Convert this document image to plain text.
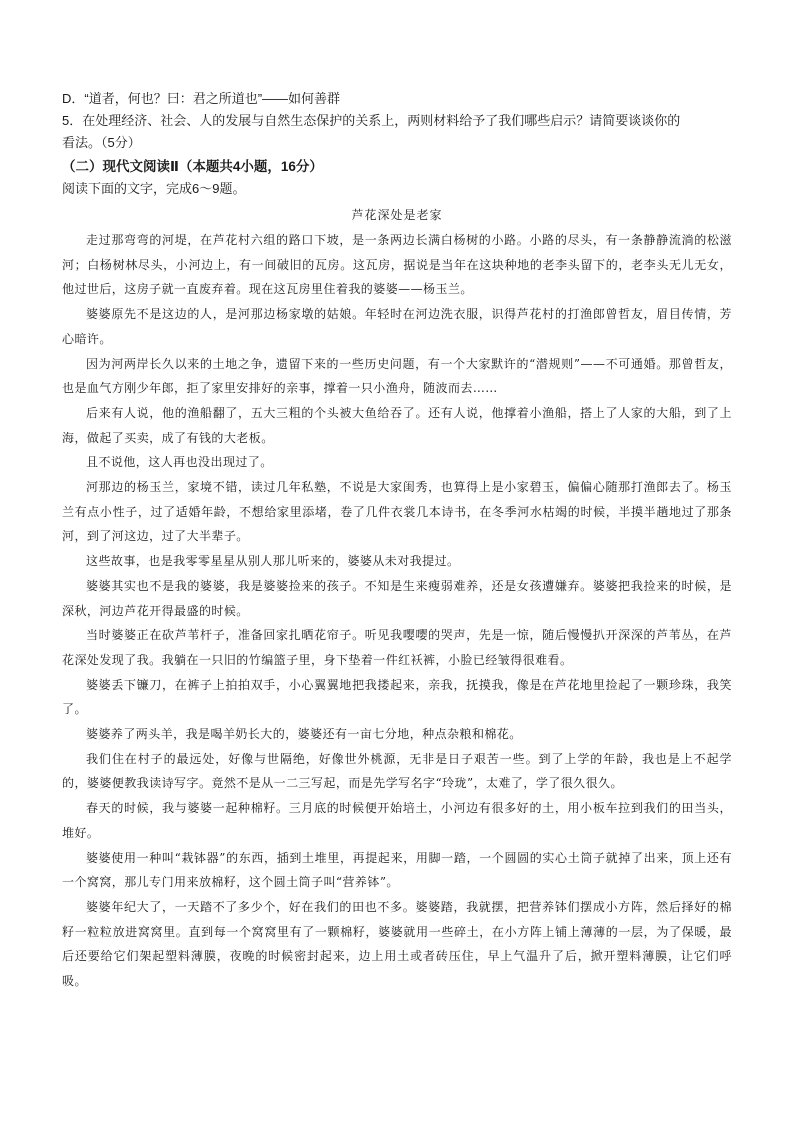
D．“道者，何也？曰：君之所道也”——如何善群

5．在处理经济、社会、人的发展与自然生态保护的关系上，两则材料给予了我们哪些启示？请简要谈谈你的

看法。（5分）

（二）现代文阅读Ⅱ（本题共4小题，16分）

阅读下面的文字，完成6～9题。

芦花深处是老家

走过那弯弯的河堤，在芦花村六组的路口下坡，是一条两边长满白杨树的小路。小路的尽头，有一条静静流淌的松滋河；白杨树林尽头，小河边上，有一间破旧的瓦房。这瓦房，据说是当年在这块种地的老李头留下的，老李头无儿无女，他过世后，这房子就一直废弃着。现在这瓦房里住着我的婆婆——杨玉兰。

婆婆原先不是这边的人，是河那边杨家墩的姑娘。年轻时在河边洗衣服，识得芦花村的打渔郎曾哲友，眉目传情，芳心暗许。

因为河两岸长久以来的土地之争，遗留下来的一些历史问题，有一个大家默许的“潜规则”——不可通婚。那曾哲友，也是血气方刚少年郎，拒了家里安排好的亲事，撑着一只小渔舟，随波而去……

后来有人说，他的渔船翻了，五大三粗的个头被大鱼给吞了。还有人说，他撑着小渔船，搭上了人家的大船，到了上海，做起了买卖，成了有钱的大老板。

且不说他，这人再也没出现过了。

河那边的杨玉兰，家境不错，读过几年私塾，不说是大家闺秀，也算得上是小家碧玉，偏偏心随那打渔郎去了。杨玉兰有点小性子，过了适婚年龄，不想给家里添堵，卷了几件衣裳几本诗书，在冬季河水枯竭的时候，半摸半趟地过了那条河，到了河这边，过了大半辈子。

这些故事，也是我零零星星从别人那儿听来的，婆婆从未对我提过。

婆婆其实也不是我的婆婆，我是婆婆捡来的孩子。不知是生来瘦弱难养，还是女孩遭嫌弃。婆婆把我捡来的时候，是深秋，河边芦花开得最盛的时候。

当时婆婆正在砍芦苇杆子，准备回家扎晒花帘子。听见我嘤嘤的哭声，先是一惊，随后慢慢扒开深深的芦苇丛，在芦花深处发现了我。我躺在一只旧的竹编篮子里，身下垫着一件红袄裤，小脸已经皱得很难看。

婆婆丢下镰刀，在裤子上拍拍双手，小心翼翼地把我搂起来，亲我，抚摸我，像是在芦花地里捡起了一颗珍珠，我笑了。

婆婆养了两头羊，我是喝羊奶长大的，婆婆还有一亩七分地，种点杂粮和棉花。

我们住在村子的最远处，好像与世隔绝，好像世外桃源，无非是日子艰苦一些。到了上学的年龄，我也是上不起学的，婆婆便教我读诗写字。竟然不是从一二三写起，而是先学写名字“玲珑”，太难了，学了很久很久。

春天的时候，我与婆婆一起种棉籽。三月底的时候便开始培土，小河边有很多好的土，用小板车拉到我们的田当头，堆好。

婆婆使用一种叫“栽钵器”的东西，插到土堆里，再提起来，用脚一踏，一个圆圆的实心土筒子就掉了出来，顶上还有一个窝窝，那儿专门用来放棉籽，这个圆土筒子叫“营养钵”。

婆婆年纪大了，一天踏不了多少个，好在我们的田也不多。婆婆踏，我就摆，把营养钵们摆成小方阵，然后择好的棉籽一粒粒放进窝窝里。直到每一个窝窝里有了一颗棉籽，婆婆就用一些碎土，在小方阵上铺上薄薄的一层，为了保暖，最后还要给它们架起塑料薄膜，夜晚的时候密封起来，边上用土或者砖压住，早上气温升了后，掀开塑料薄膜，让它们呼吸。
